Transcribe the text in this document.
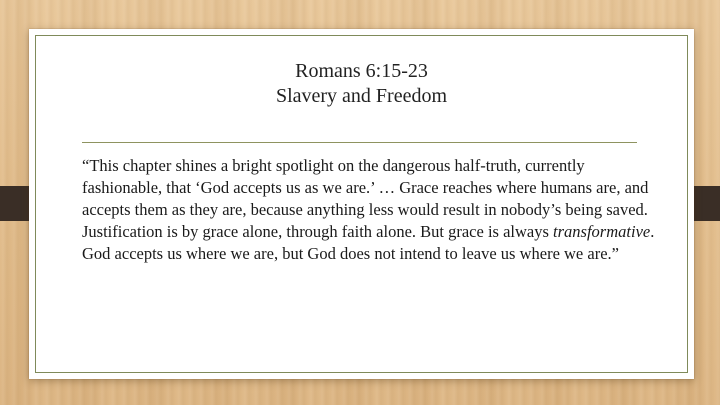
Romans 6:15-23
Slavery and Freedom
“This chapter shines a bright spotlight on the dangerous half-truth, currently fashionable, that ‘God accepts us as we are.’ … Grace reaches where humans are, and accepts them as they are, because anything less would result in nobody’s being saved. Justification is by grace alone, through faith alone. But grace is always transformative. God accepts us where we are, but God does not intend to leave us where we are.”
